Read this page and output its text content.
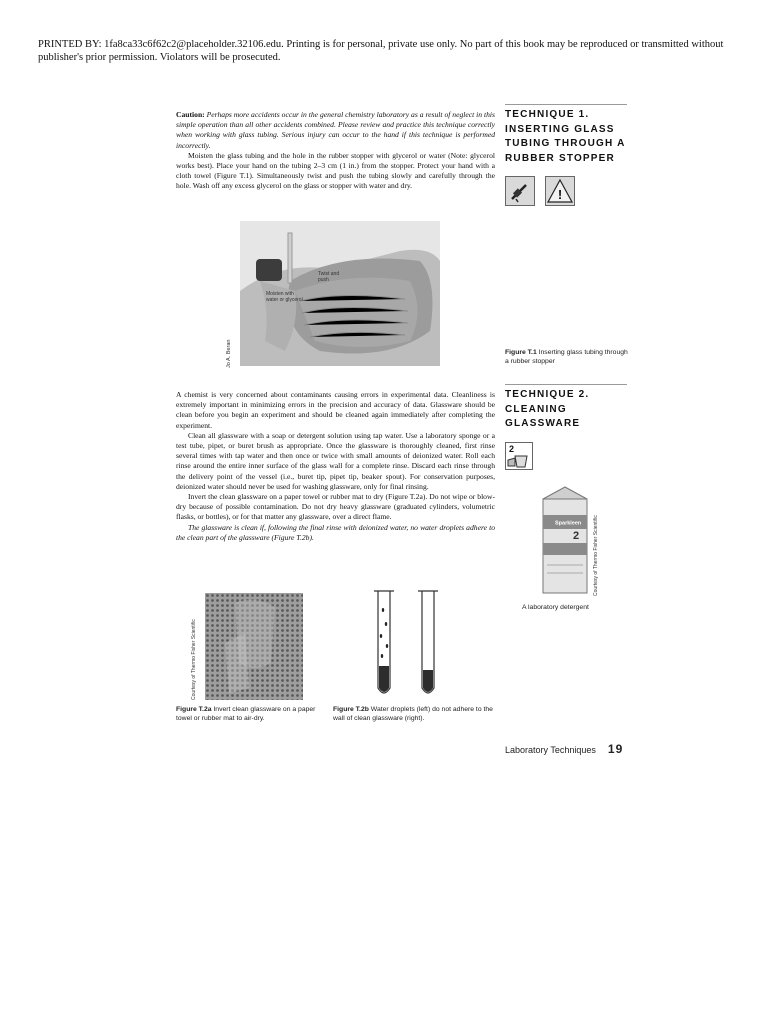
PRINTED BY: 1fa8ca33c6f62c2@placeholder.32106.edu. Printing is for personal, private use only. No part of this book may be reproduced or transmitted without publisher's prior permission. Violators will be prosecuted.

Caution: Perhaps more accidents occur in the general chemistry laboratory as a result of neglect in this simple operation than all other accidents combined. Please review and practice this technique correctly when working with glass tubing. Serious injury can occur to the hand if this technique is performed incorrectly.

Moisten the glass tubing and the hole in the rubber stopper with glycerol or water (Note: glycerol works best). Place your hand on the tubing 2–3 cm (1 in.) from the stopper. Protect your hand with a cloth towel (Figure T.1). Simultaneously twist and push the tubing slowly and carefully through the hole. Wash off any excess glycerol on the glass or stopper with water and dry.

TECHNIQUE 1. INSERTING GLASS TUBING THROUGH A RUBBER STOPPER

!
Twist and push
Moisten with water or glycerol
Jo A. Beran	Figure T.1 Inserting glass tubing through a rubber stopper

A chemist is very concerned about contaminants causing errors in experimental data. Cleanliness is extremely important in minimizing errors in the precision and accuracy of data. Glassware should be clean before you begin an experiment and should be cleaned again immediately after completing the experiment.

Clean all glassware with a soap or detergent solution using tap water. Use a laboratory sponge or a test tube, pipet, or buret brush as appropriate. Once the glassware is thoroughly cleaned, first rinse several times with tap water and then once or twice with small amounts of deionized water. Roll each rinse around the entire inner surface of the glass wall for a complete rinse. Discard each rinse through the delivery point of the vessel (i.e., buret tip, pipet tip, beaker spout). For conservation purposes, deionized water should never be used for washing glassware, only for final rinsing.

Invert the clean glassware on a paper towel or rubber mat to dry (Figure T.2a). Do not wipe or blow-dry because of possible contamination. Do not dry heavy glassware (graduated cylinders, volumetric flasks, or bottles), or for that matter any glassware, over a direct flame.

The glassware is clean if, following the final rinse with deionized water, no water droplets adhere to the clean part of the glassware (Figure T.2b).

TECHNIQUE 2. CLEANING GLASSWARE
2
Sparkleen
2	Courtesy of Thermo Fisher Scientific
A laboratory detergent
Courtesy of Thermo Fisher Scientific
Figure T.2a Invert clean glassware on a paper towel or rubber mat to air-dry.
Figure T.2b Water droplets (left) do not adhere to the wall of clean glassware (right).
Laboratory Techniques 19
